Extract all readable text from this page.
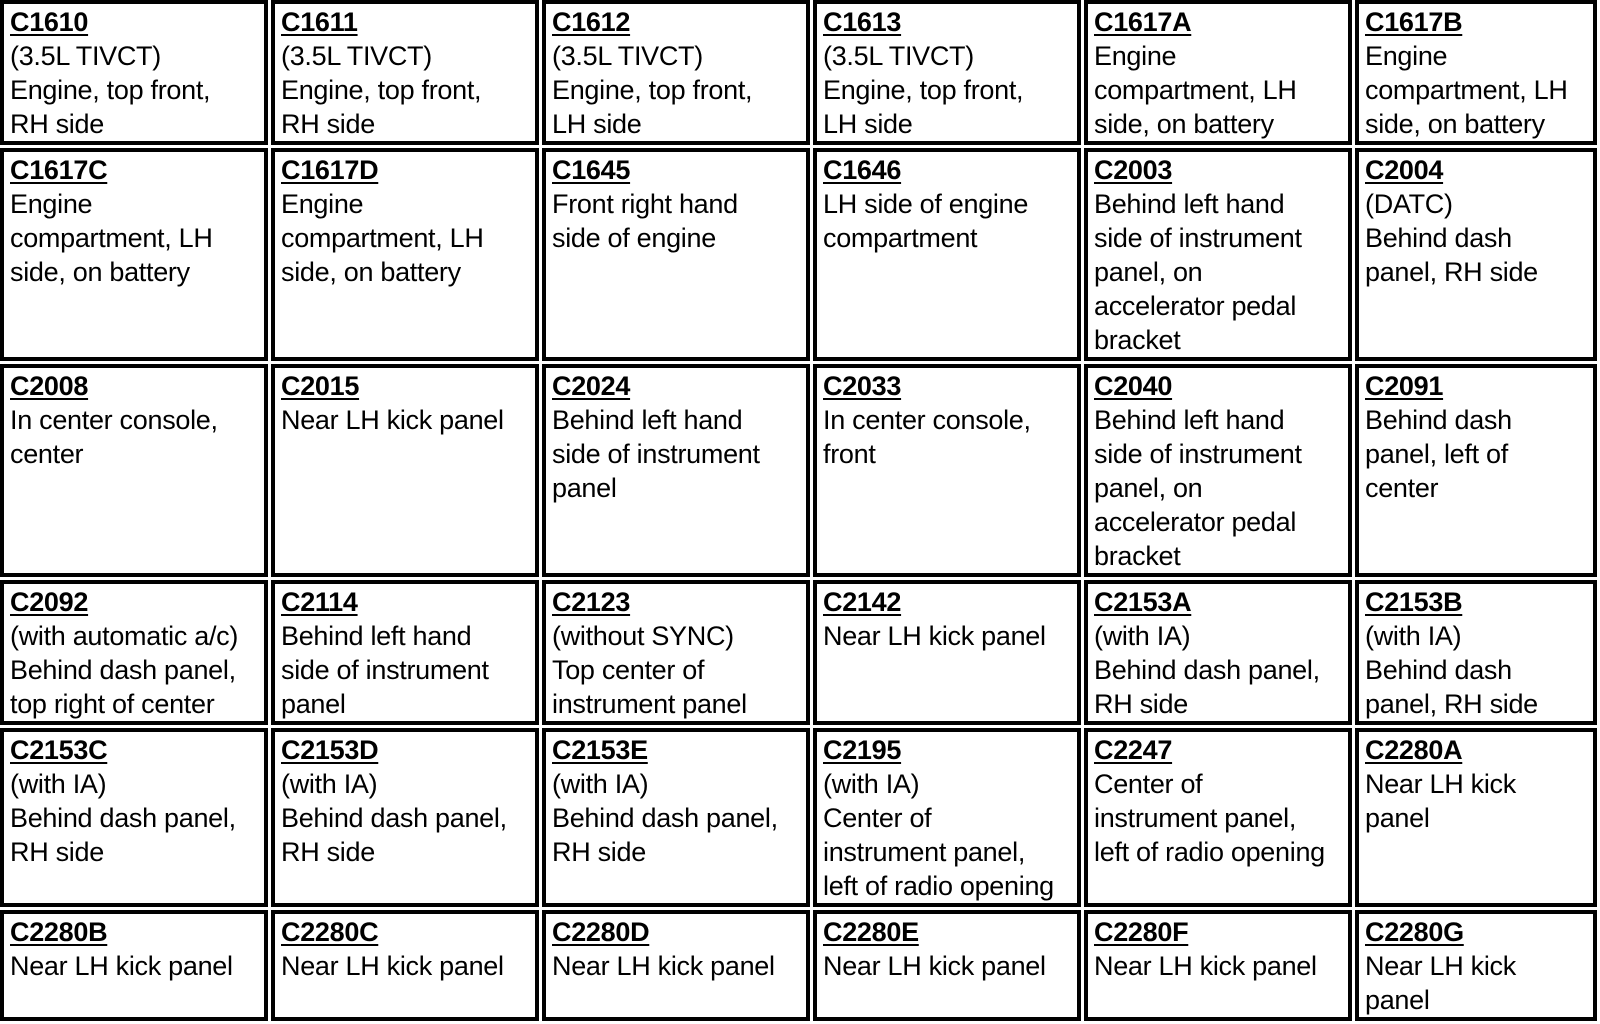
C1610
(3.5L TIVCT)
Engine, top front,
RH side
C1611
(3.5L TIVCT)
Engine, top front,
RH side
C1612
(3.5L TIVCT)
Engine, top front,
LH side
C1613
(3.5L TIVCT)
Engine, top front,
LH side
C1617A
Engine
compartment, LH
side, on battery
C1617B
Engine
compartment, LH
side, on battery
C1617C
Engine
compartment, LH
side, on battery
C1617D
Engine
compartment, LH
side, on battery
C1645
Front right hand
side of engine
C1646
LH side of engine
compartment
C2003
Behind left hand
side of instrument
panel, on
accelerator pedal
bracket
C2004
(DATC)
Behind dash
panel, RH side
C2008
In center console,
center
C2015
Near LH kick panel
C2024
Behind left hand
side of instrument
panel
C2033
In center console,
front
C2040
Behind left hand
side of instrument
panel, on
accelerator pedal
bracket
C2091
Behind dash
panel, left of
center
C2092
(with automatic a/c)
Behind dash panel,
top right of center
C2114
Behind left hand
side of instrument
panel
C2123
(without SYNC)
Top center of
instrument panel
C2142
Near LH kick panel
C2153A
(with IA)
Behind dash panel,
RH side
C2153B
(with IA)
Behind dash
panel, RH side
C2153C
(with IA)
Behind dash panel,
RH side
C2153D
(with IA)
Behind dash panel,
RH side
C2153E
(with IA)
Behind dash panel,
RH side
C2195
(with IA)
Center of
instrument panel,
left of radio opening
C2247
Center of
instrument panel,
left of radio opening
C2280A
Near LH kick
panel
C2280B
Near LH kick panel
C2280C
Near LH kick panel
C2280D
Near LH kick panel
C2280E
Near LH kick panel
C2280F
Near LH kick panel
C2280G
Near LH kick
panel
